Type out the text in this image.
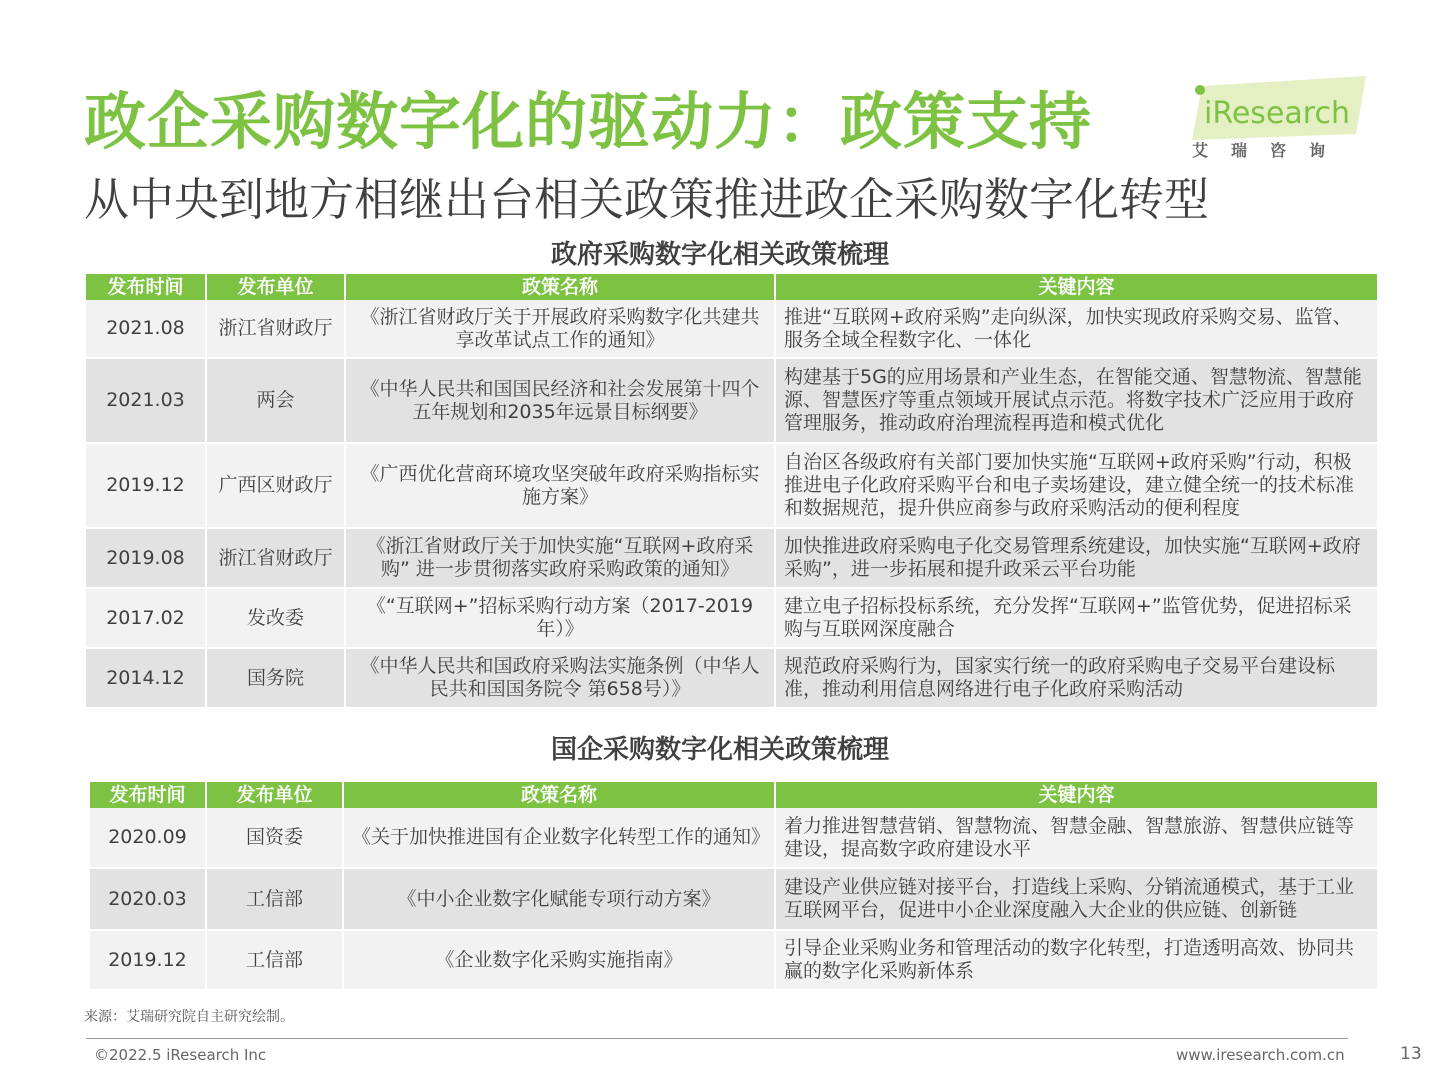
政企采购数字化的驱动力：政策支持
从中央到地方相继出台相关政策推进政企采购数字化转型
iResearch
艾瑞咨询
政府采购数字化相关政策梳理
发布时间	发布单位	政策名称	关键内容
2021.08	浙江省财政厅	《浙江省财政厅关于开展政府采购数字化共建共享改革试点工作的通知》	推进“互联网+政府采购”走向纵深，加快实现政府采购交易、监管、服务全域全程数字化、一体化
2021.03	两会	《中华人民共和国国民经济和社会发展第十四个五年规划和2035年远景目标纲要》	构建基于5G的应用场景和产业生态，在智能交通、智慧物流、智慧能源、智慧医疗等重点领域开展试点示范。将数字技术广泛应用于政府管理服务，推动政府治理流程再造和模式优化
2019.12	广西区财政厅	《广西优化营商环境攻坚突破年政府采购指标实施方案》	自治区各级政府有关部门要加快实施“互联网+政府采购”行动，积极推进电子化政府采购平台和电子卖场建设，建立健全统一的技术标准和数据规范，提升供应商参与政府采购活动的便利程度
2019.08	浙江省财政厅	《浙江省财政厅关于加快实施“互联网+政府采购” 进一步贯彻落实政府采购政策的通知》	加快推进政府采购电子化交易管理系统建设，加快实施“互联网+政府采购”，进一步拓展和提升政采云平台功能
2017.02	发改委	《“互联网+”招标采购行动方案（2017-2019年）》	建立电子招标投标系统，充分发挥“互联网+”监管优势，促进招标采购与互联网深度融合
2014.12	国务院	《中华人民共和国政府采购法实施条例（中华人民共和国国务院令 第658号）》	规范政府采购行为，国家实行统一的政府采购电子交易平台建设标准，推动利用信息网络进行电子化政府采购活动
国企采购数字化相关政策梳理
发布时间	发布单位	政策名称	关键内容
2020.09	国资委	《关于加快推进国有企业数字化转型工作的通知》	着力推进智慧营销、智慧物流、智慧金融、智慧旅游、智慧供应链等建设，提高数字政府建设水平
2020.03	工信部	《中小企业数字化赋能专项行动方案》	建设产业供应链对接平台，打造线上采购、分销流通模式，基于工业互联网平台，促进中小企业深度融入大企业的供应链、创新链
2019.12	工信部	《企业数字化采购实施指南》	引导企业采购业务和管理活动的数字化转型，打造透明高效、协同共赢的数字化采购新体系
来源：艾瑞研究院自主研究绘制。
©2022.5 iResearch Inc	www.iresearch.com.cn	13
